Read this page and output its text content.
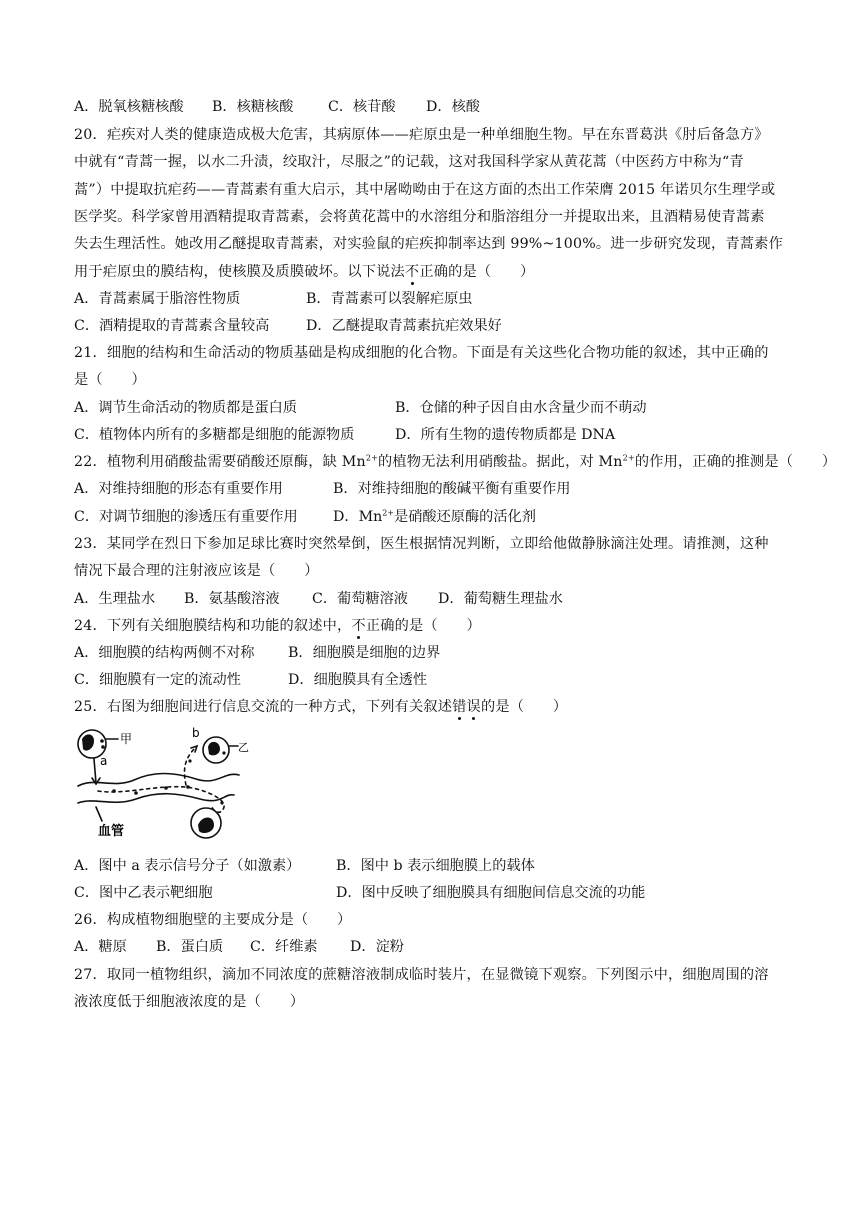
A．脱氧核糖核酸 B．核糖核酸 C．核苷酸 D．核酸
20．疟疾对人类的健康造成极大危害，其病原体——疟原虫是一种单细胞生物。早在东晋葛洪《肘后备急方》
中就有“青蒿一握，以水二升渍，绞取汁，尽服之”的记载，这对我国科学家从黄花蒿（中医药方中称为“青
蒿”）中提取抗疟药——青蒿素有重大启示，其中屠呦呦由于在这方面的杰出工作荣膺 2015 年诺贝尔生理学或
医学奖。科学家曾用酒精提取青蒿素，会将黄花蒿中的水溶组分和脂溶组分一并提取出来，且酒精易使青蒿素
失去生理活性。她改用乙醚提取青蒿素，对实验鼠的疟疾抑制率达到 99%~100%。进一步研究发现，青蒿素作
用于疟原虫的膜结构，使核膜及质膜破坏。以下说法不正确的是（　　）
A．青蒿素属于脂溶性物质	B．青蒿素可以裂解疟原虫
C．酒精提取的青蒿素含量较高	D．乙醚提取青蒿素抗疟效果好
21．细胞的结构和生命活动的物质基础是构成细胞的化合物。下面是有关这些化合物功能的叙述，其中正确的
是（　　）
A．调节生命活动的物质都是蛋白质	B．仓储的种子因自由水含量少而不萌动
C．植物体内所有的多糖都是细胞的能源物质	D．所有生物的遗传物质都是 DNA
22．植物利用硝酸盐需要硝酸还原酶，缺 $Mn^{2+}$的植物无法利用硝酸盐。据此，对 $Mn^{2+}$的作用，正确的推测是（　　）
A．对维持细胞的形态有重要作用	B．对维持细胞的酸碱平衡有重要作用
C．对调节细胞的渗透压有重要作用 D．$Mn^{2+}$是硝酸还原酶的活化剂
23．某同学在烈日下参加足球比赛时突然晕倒，医生根据情况判断，立即给他做静脉滴注处理。请推测，这种
情况下最合理的注射液应该是（　　）
A．生理盐水 B．氨基酸溶液 C．葡萄糖溶液 D．葡萄糖生理盐水
24．下列有关细胞膜结构和功能的叙述中，不正确的是（　　）
A．细胞膜的结构两侧不对称 B．细胞膜是细胞的边界
C．细胞膜有一定的流动性	D．细胞膜具有全透性
25．右图为细胞间进行信息交流的一种方式，下列有关叙述错误的是（　　）
甲
a
b
乙
血管
A．图中 a 表示信号分子（如激素）	B．图中 b 表示细胞膜上的载体
C．图中乙表示靶细胞	D．图中反映了细胞膜具有细胞间信息交流的功能
26．构成植物细胞壁的主要成分是（　　）
A．糖原 B．蛋白质 C．纤维素 D．淀粉
27．取同一植物组织，滴加不同浓度的蔗糖溶液制成临时装片，在显微镜下观察。下列图示中，细胞周围的溶
液浓度低于细胞液浓度的是（　　）
